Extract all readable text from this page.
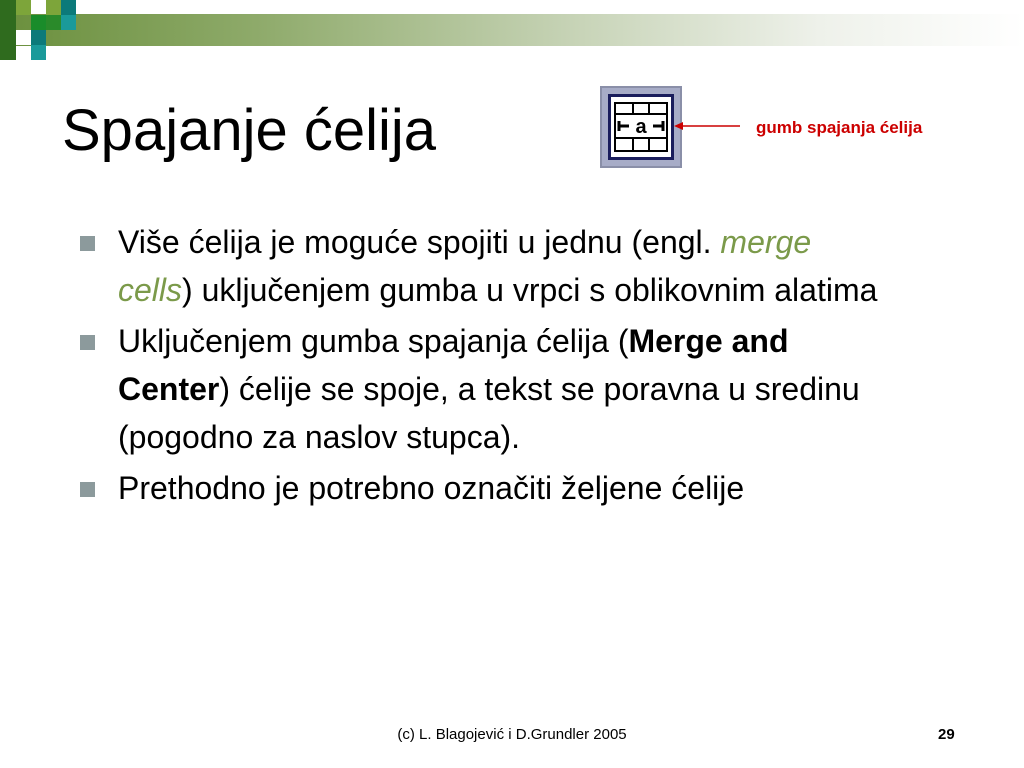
Spajanje ćelija	a	gumb spajanja ćelija
Više ćelija je moguće spojiti u jednu (engl. merge cells) uključenjem gumba u vrpci s oblikovnim alatima
Uključenjem gumba spajanja ćelija (Merge and Center) ćelije se spoje, a tekst se poravna u sredinu (pogodno za naslov stupca).
Prethodno je potrebno označiti željene ćelije
(c) L. Blagojević i D.Grundler 2005	29
